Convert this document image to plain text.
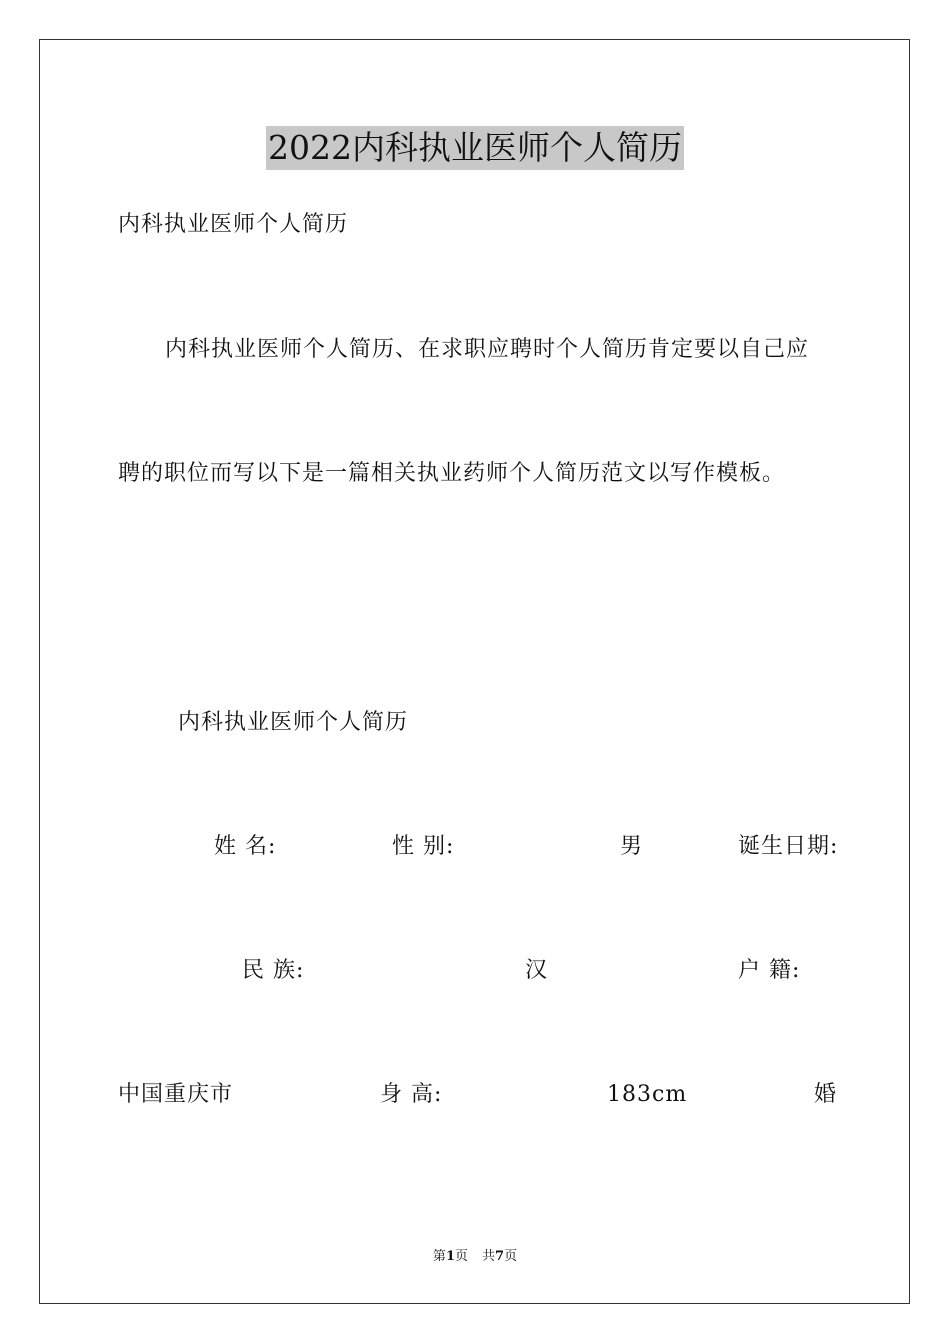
2022内科执业医师个人简历
内科执业医师个人简历
内科执业医师个人简历、在求职应聘时个人简历肯定要以自己应
聘的职位而写以下是一篇相关执业药师个人简历范文以写作模板。
内科执业医师个人简历
姓 名:	性 别:	男	诞生日期:
民 族:	汉	户 籍:
中国重庆市	身 高:	183cm	婚
第1页 共7页
